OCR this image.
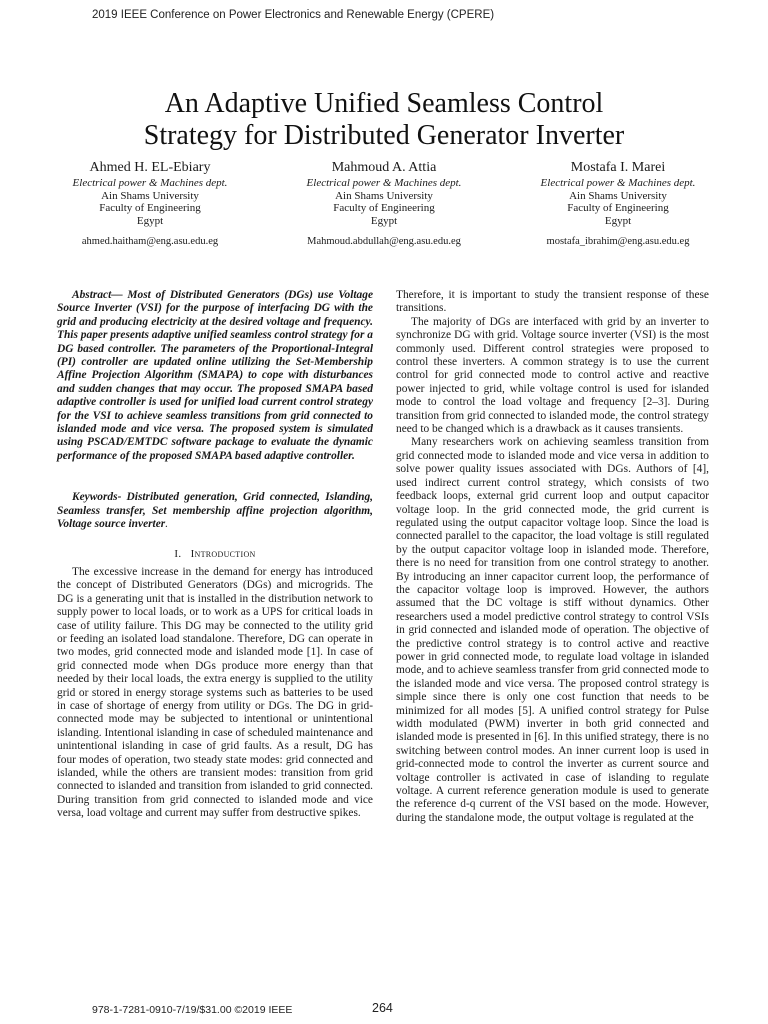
2019 IEEE Conference on Power Electronics and Renewable Energy (CPERE)
An Adaptive Unified Seamless Control
Strategy for Distributed Generator Inverter
Ahmed H. EL-Ebiary
Electrical power & Machines dept.
Ain Shams University
Faculty of Engineering
Egypt
ahmed.haitham@eng.asu.edu.eg
Mahmoud A. Attia
Electrical power & Machines dept.
Ain Shams University
Faculty of Engineering
Egypt
Mahmoud.abdullah@eng.asu.edu.eg
Mostafa I. Marei
Electrical power & Machines dept.
Ain Shams University
Faculty of Engineering
Egypt
mostafa_ibrahim@eng.asu.edu.eg

Abstract— Most of Distributed Generators (DGs) use Voltage Source Inverter (VSI) for the purpose of interfacing DG with the grid and producing electricity at the desired voltage and frequency. This paper presents adaptive unified seamless control strategy for a DG based controller. The parameters of the Proportional-Integral (PI) controller are updated online utilizing the Set-Membership Affine Projection Algorithm (SMAPA) to cope with disturbances and sudden changes that may occur. The proposed SMAPA based adaptive controller is used for unified load current control strategy for the VSI to achieve seamless transitions from grid connected to islanded mode and vice versa. The proposed system is simulated using PSCAD/EMTDC software package to evaluate the dynamic performance of the proposed SMAPA based adaptive controller.

Keywords- Distributed generation, Grid connected, Islanding, Seamless transfer, Set membership affine projection algorithm, Voltage source inverter.

I. Introduction

The excessive increase in the demand for energy has introduced the concept of Distributed Generators (DGs) and microgrids. The DG is a generating unit that is installed in the distribution network to supply power to local loads, or to work as a UPS for critical loads in case of utility failure. This DG may be connected to the utility grid or feeding an isolated load standalone. Therefore, DG can operate in two modes, grid connected mode and islanded mode [1]. In case of grid connected mode when DGs produce more energy than that needed by their local loads, the extra energy is supplied to the utility grid or stored in energy storage systems such as batteries to be used in case of shortage of energy from utility or DGs. The DG in grid-connected mode may be subjected to intentional or unintentional islanding. Intentional islanding in case of scheduled maintenance and unintentional islanding in case of grid faults. As a result, DG has four modes of operation, two steady state modes: grid connected and islanded, while the others are transient modes: transition from grid connected to islanded and transition from islanded to grid connected. During transition from grid connected to islanded mode and vice versa, load voltage and current may suffer from destructive spikes.

Therefore, it is important to study the transient response of these transitions.

The majority of DGs are interfaced with grid by an inverter to synchronize DG with grid. Voltage source inverter (VSI) is the most commonly used. Different control strategies were proposed to control these inverters. A common strategy is to use the current control for grid connected mode to control active and reactive power injected to grid, while voltage control is used for islanded mode to control the load voltage and frequency [2–3]. During transition from grid connected to islanded mode, the control strategy need to be changed which is a drawback as it causes transients.

Many researchers work on achieving seamless transition from grid connected mode to islanded mode and vice versa in addition to solve power quality issues associated with DGs. Authors of [4], used indirect current control strategy, which consists of two feedback loops, external grid current loop and output capacitor voltage loop. In the grid connected mode, the grid current is regulated using the output capacitor voltage loop. Since the load is connected parallel to the capacitor, the load voltage is still regulated by the output capacitor voltage loop in islanded mode. Therefore, there is no need for transition from one control strategy to another. By introducing an inner capacitor current loop, the performance of the capacitor voltage loop is improved. However, the authors assumed that the DC voltage is stiff without dynamics. Other researchers used a model predictive control strategy to control VSIs in grid connected and islanded mode of operation. The objective of the predictive control strategy is to control active and reactive power in grid connected mode, to regulate load voltage in islanded mode, and to achieve seamless transfer from grid connected mode to the islanded mode and vice versa. The proposed control strategy is simple since there is only one cost function that needs to be minimized for all modes [5]. A unified control strategy for Pulse width modulated (PWM) inverter in both grid connected and islanded mode is presented in [6]. In this unified strategy, there is no switching between control modes. An inner current loop is used in grid-connected mode to control the inverter as current source and voltage controller is activated in case of islanding to regulate voltage. A current reference generation module is used to generate the reference d-q current of the VSI based on the mode. However, during the standalone mode, the output voltage is regulated at the

978-1-7281-0910-7/19/$31.00 ©2019 IEEE	264
